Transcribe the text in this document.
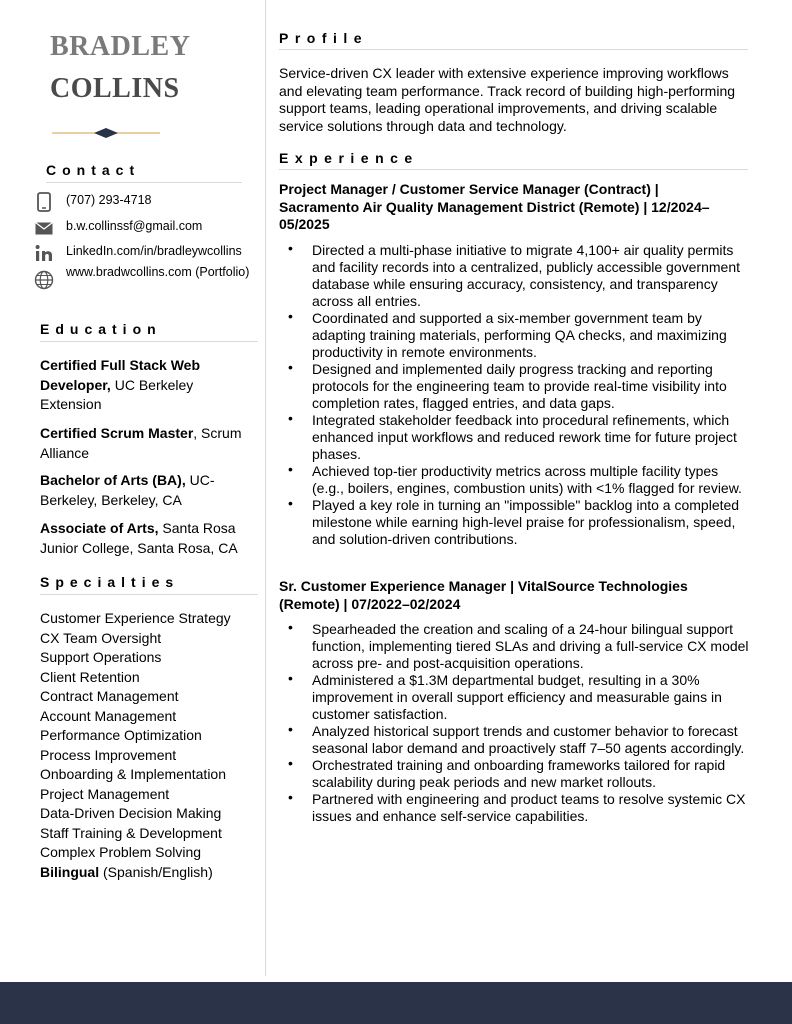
BRADLEY
COLLINS
Contact
(707) 293-4718
b.w.collinssf@gmail.com
LinkedIn.com/in/bradleywcollins
www.bradwcollins.com (Portfolio)
Education
Certified Full Stack Web Developer, UC Berkeley Extension
Certified Scrum Master, Scrum Alliance
Bachelor of Arts (BA), UC-Berkeley, Berkeley, CA
Associate of Arts, Santa Rosa Junior College, Santa Rosa, CA
Specialties
Customer Experience Strategy
CX Team Oversight
Support Operations
Client Retention
Contract Management
Account Management
Performance Optimization
Process Improvement
Onboarding & Implementation
Project Management
Data-Driven Decision Making
Staff Training & Development
Complex Problem Solving
Bilingual (Spanish/English)
Profile
Service-driven CX leader with extensive experience improving workflows and elevating team performance. Track record of building high-performing support teams, leading operational improvements, and driving scalable service solutions through data and technology.
Experience
Project Manager / Customer Service Manager (Contract) | Sacramento Air Quality Management District (Remote) | 12/2024–05/2025
• Directed a multi-phase initiative to migrate 4,100+ air quality permits and facility records into a centralized, publicly accessible government database while ensuring accuracy, consistency, and transparency across all entries.
• Coordinated and supported a six-member government team by adapting training materials, performing QA checks, and maximizing productivity in remote environments.
• Designed and implemented daily progress tracking and reporting protocols for the engineering team to provide real-time visibility into completion rates, flagged entries, and data gaps.
• Integrated stakeholder feedback into procedural refinements, which enhanced input workflows and reduced rework time for future project phases.
• Achieved top-tier productivity metrics across multiple facility types (e.g., boilers, engines, combustion units) with <1% flagged for review.
• Played a key role in turning an "impossible" backlog into a completed milestone while earning high-level praise for professionalism, speed, and solution-driven contributions.
Sr. Customer Experience Manager | VitalSource Technologies (Remote) | 07/2022–02/2024
• Spearheaded the creation and scaling of a 24-hour bilingual support function, implementing tiered SLAs and driving a full-service CX model across pre- and post-acquisition operations.
• Administered a $1.3M departmental budget, resulting in a 30% improvement in overall support efficiency and measurable gains in customer satisfaction.
• Analyzed historical support trends and customer behavior to forecast seasonal labor demand and proactively staff 7–50 agents accordingly.
• Orchestrated training and onboarding frameworks tailored for rapid scalability during peak periods and new market rollouts.
• Partnered with engineering and product teams to resolve systemic CX issues and enhance self-service capabilities.
